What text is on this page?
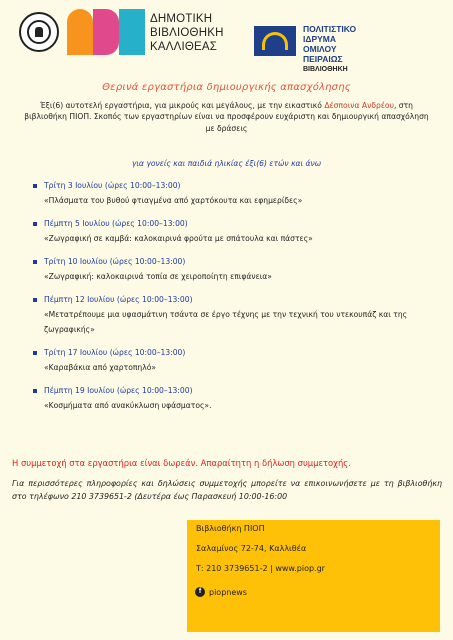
ΔΗΜΟΤΙΚΗ
ΒΙΒΛΙΟΘΗΚΗ
ΚΑΛΛΙΘΕΑΣ
ΠΟΛΙΤΙΣΤΙΚΟ
ΙΔΡΥΜΑ
ΟΜΙΛΟΥ
ΠΕΙΡΑΙΩΣ
ΒΙΒΛΙΟΘΗΚΗ
Θερινά εργαστήρια δημιουργικής απασχόλησης
Έξι(6) αυτοτελή εργαστήρια, για μικρούς και μεγάλους, με την εικαστικό Δέσποινα Ανδρέου, στη βιβλιοθήκη ΠΙΟΠ. Σκοπός των εργαστηρίων είναι να προσφέρουν ευχάριστη και δημιουργική απασχόληση με δράσεις
για γονείς και παιδιά ηλικίας έξι(6) ετών και άνω
Τρίτη 3 Ιουλίου (ώρες 10:00–13:00)
«Πλάσματα του βυθού φτιαγμένα από χαρτόκουτα και εφημερίδες»
Πέμπτη 5 Ιουλίου (ώρες 10:00–13:00)
«Ζωγραφική σε καμβά: καλοκαιρινά φρούτα με σπάτουλα και πάστες»
Τρίτη 10 Ιουλίου (ώρες 10:00–13:00)
«Ζωγραφική: καλοκαιρινά τοπία σε χειροποίητη επιφάνεια»
Πέμπτη 12 Ιουλίου (ώρες 10:00–13:00)
«Μετατρέπουμε μια υφασμάτινη τσάντα σε έργο τέχνης με την τεχνική του ντεκουπάζ και της ζωγραφικής»
Τρίτη 17 Ιουλίου (ώρες 10:00–13:00)
«Καραβάκια από χαρτοπηλό»
Πέμπτη 19 Ιουλίου (ώρες 10:00–13:00)
«Κοσμήματα από ανακύκλωση υφάσματος».
Η συμμετοχή στα εργαστήρια είναι δωρεάν. Απαραίτητη η δήλωση συμμετοχής.
Για περισσότερες πληροφορίες και δηλώσεις συμμετοχής μπορείτε να επικοινωνήσετε με τη βιβλιοθήκη στο τηλέφωνο 210 3739651-2 (Δευτέρα έως Παρασκευή 10:00-16:00
Βιβλιοθήκη ΠΙΟΠ
Σαλαμίνος 72-74, Καλλιθέα
Τ: 210 3739651-2 | www.piop.gr
f piopnews
